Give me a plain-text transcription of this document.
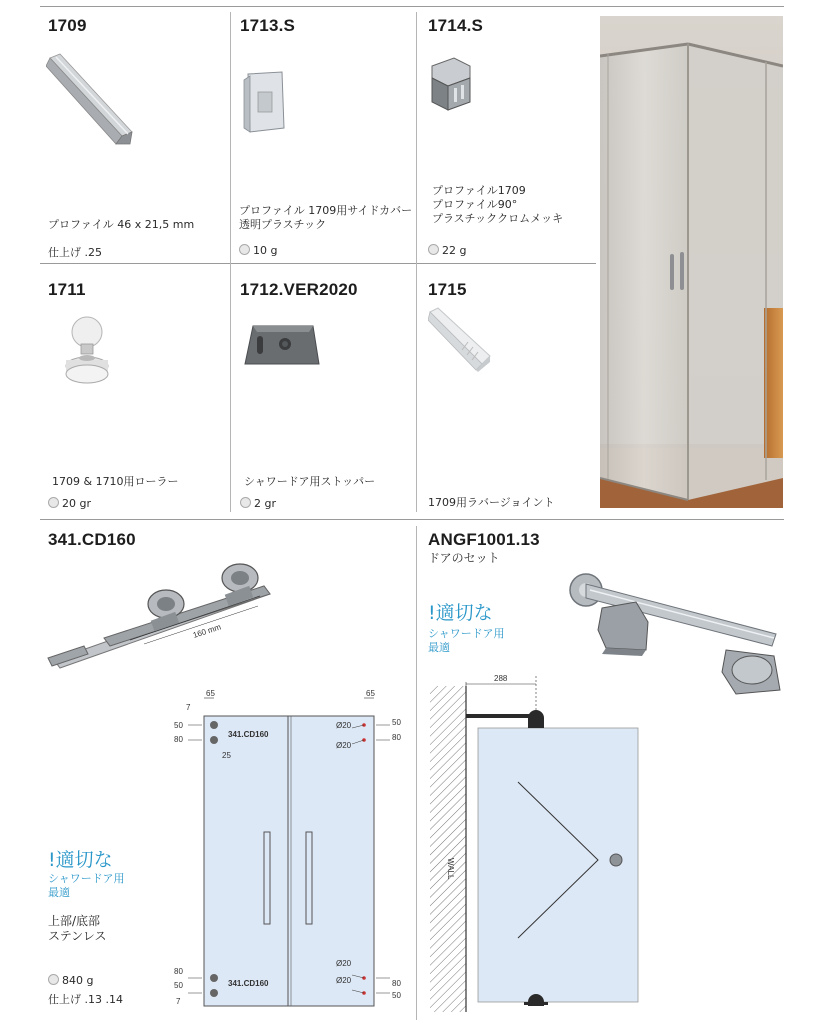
1709
プロファイル 46 x 21,5 mm
仕上げ .25
1713.S
プロファイル 1709用サイドカバー
透明プラスチック
10 g
1714.S
プロファイル1709
プロファイル90°
プラスチッククロムメッキ
22 g
1711
1709 & 1710用ローラー
20 gr
1712.VER2020
シャワードア用ストッパー
2 gr
1715
1709用ラバージョイント
341.CD160
160 mm
!適切な
シャワードア用
最適
上部/底部
ステンレス
840 g
仕上げ .13 .14
65	65
7
50
80
25
341.CD160
Ø20
Ø20
50
80
80
50
7
341.CD160
Ø20
Ø20	80
50
ANGF1001.13
ドアのセット
!適切な
シャワードア用
最適
WALL
288
